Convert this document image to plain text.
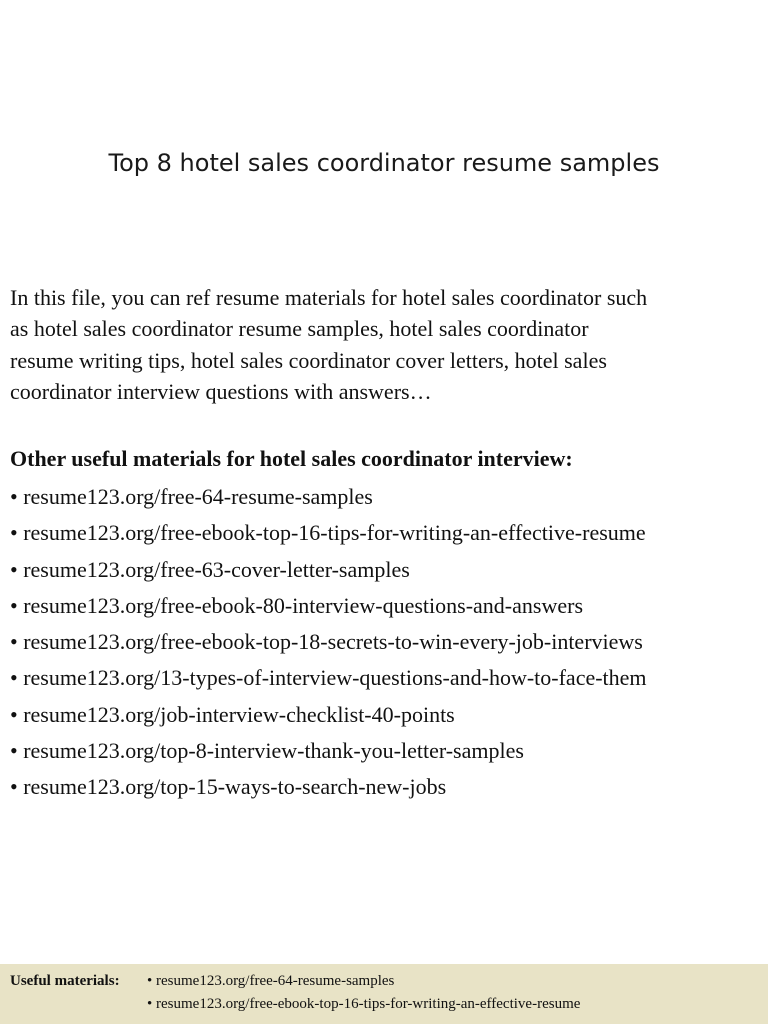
Top 8 hotel sales coordinator resume samples

In this file, you can ref resume materials for hotel sales coordinator such
as hotel sales coordinator resume samples, hotel sales coordinator
resume writing tips, hotel sales coordinator cover letters, hotel sales
coordinator interview questions with answers…

Other useful materials for hotel sales coordinator interview:
• resume123.org/free-64-resume-samples
• resume123.org/free-ebook-top-16-tips-for-writing-an-effective-resume
• resume123.org/free-63-cover-letter-samples
• resume123.org/free-ebook-80-interview-questions-and-answers
• resume123.org/free-ebook-top-18-secrets-to-win-every-job-interviews
• resume123.org/13-types-of-interview-questions-and-how-to-face-them
• resume123.org/job-interview-checklist-40-points
• resume123.org/top-8-interview-thank-you-letter-samples
• resume123.org/top-15-ways-to-search-new-jobs
Useful materials: • resume123.org/free-64-resume-samples
• resume123.org/free-ebook-top-16-tips-for-writing-an-effective-resume
